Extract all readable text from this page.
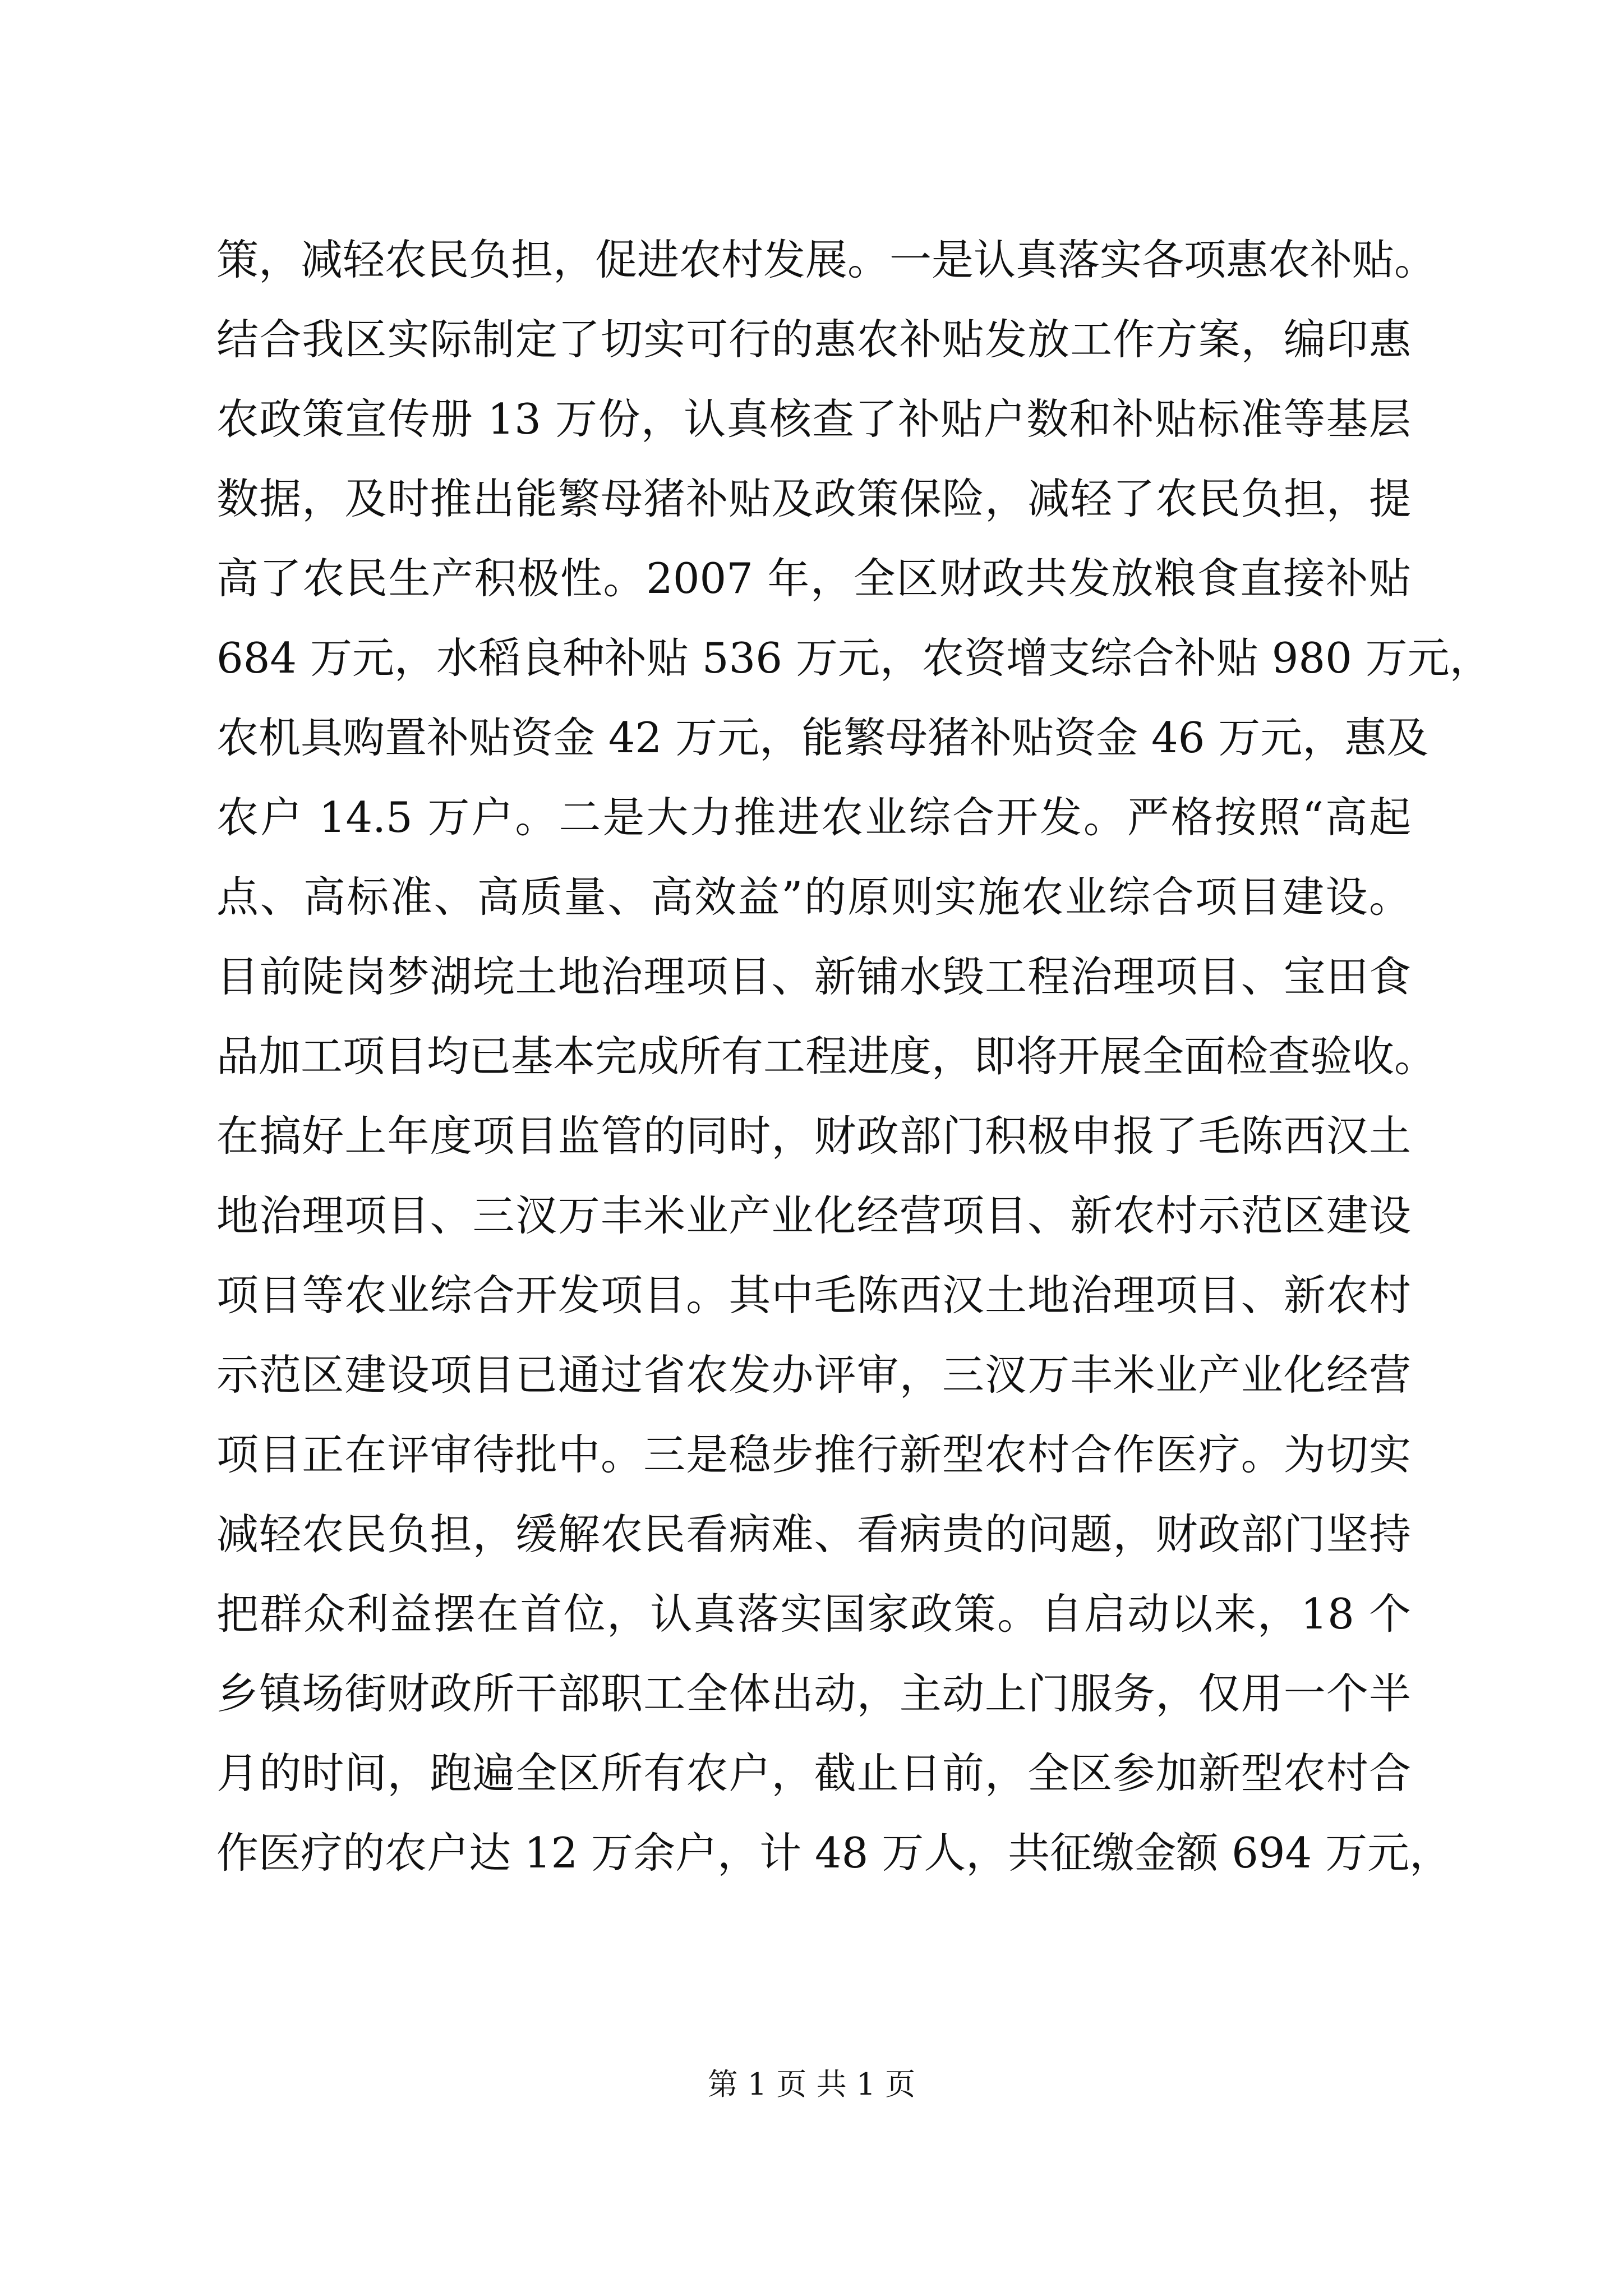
策，减轻农民负担，促进农村发展。一是认真落实各项惠农补贴。
结合我区实际制定了切实可行的惠农补贴发放工作方案，编印惠
农政策宣传册 13 万份，认真核查了补贴户数和补贴标准等基层
数据，及时推出能繁母猪补贴及政策保险，减轻了农民负担，提
高了农民生产积极性。2007 年，全区财政共发放粮食直接补贴
684 万元，水稻良种补贴 536 万元，农资增支综合补贴 980 万元，
农机具购置补贴资金 42 万元，能繁母猪补贴资金 46 万元，惠及
农户 14.5 万户。二是大力推进农业综合开发。严格按照“高起
点、高标准、高质量、高效益”的原则实施农业综合项目建设。
目前陡岗梦湖垸土地治理项目、新铺水毁工程治理项目、宝田食
品加工项目均已基本完成所有工程进度，即将开展全面检查验收。
在搞好上年度项目监管的同时，财政部门积极申报了毛陈西汉土
地治理项目、三汊万丰米业产业化经营项目、新农村示范区建设
项目等农业综合开发项目。其中毛陈西汉土地治理项目、新农村
示范区建设项目已通过省农发办评审，三汊万丰米业产业化经营
项目正在评审待批中。三是稳步推行新型农村合作医疗。为切实
减轻农民负担，缓解农民看病难、看病贵的问题，财政部门坚持
把群众利益摆在首位，认真落实国家政策。自启动以来，18 个
乡镇场街财政所干部职工全体出动，主动上门服务，仅用一个半
月的时间，跑遍全区所有农户，截止日前，全区参加新型农村合
作医疗的农户达 12 万余户，计 48 万人，共征缴金额 694 万元，
第 1 页 共 1 页
